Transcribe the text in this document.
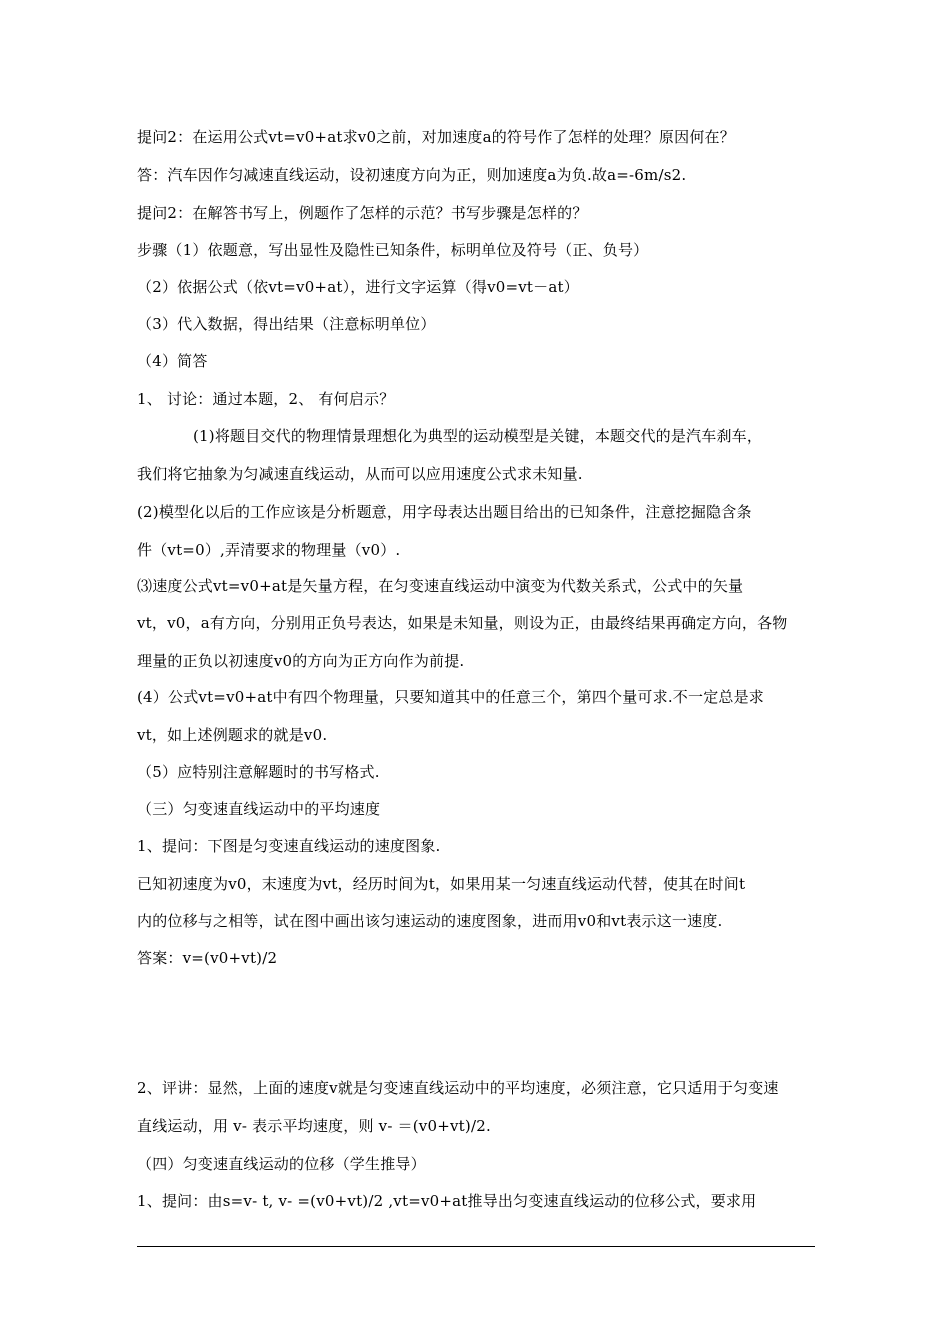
提问2：在运用公式vt=v0+at求v0之前，对加速度a的符号作了怎样的处理？原因何在？
答：汽车因作匀减速直线运动，设初速度方向为正，则加速度a为负.故a=-6m/s2.
提问2：在解答书写上，例题作了怎样的示范？书写步骤是怎样的？
步骤（1）依题意，写出显性及隐性已知条件，标明单位及符号（正、负号）
（2）依据公式（依vt=v0+at），进行文字运算（得v0=vt－at）
（3）代入数据，得出结果（注意标明单位）
（4）简答
1、 讨论：通过本题，2、 有何启示？
(1)将题目交代的物理情景理想化为典型的运动模型是关键，本题交代的是汽车刹车，
我们将它抽象为匀减速直线运动，从而可以应用速度公式求未知量.
(2)模型化以后的工作应该是分析题意，用字母表达出题目给出的已知条件，注意挖掘隐含条
件（vt=0）,弄清要求的物理量（v0）.
⑶速度公式vt=v0+at是矢量方程，在匀变速直线运动中演变为代数关系式，公式中的矢量
vt，v0，a有方向，分别用正负号表达，如果是未知量，则设为正，由最终结果再确定方向，各物
理量的正负以初速度v0的方向为正方向作为前提.
(4）公式vt=v0+at中有四个物理量，只要知道其中的任意三个，第四个量可求.不一定总是求
vt，如上述例题求的就是v0.
（5）应特别注意解题时的书写格式.
（三）匀变速直线运动中的平均速度
1、提问：下图是匀变速直线运动的速度图象.
已知初速度为v0，末速度为vt，经历时间为t，如果用某一匀速直线运动代替，使其在时间t
内的位移与之相等，试在图中画出该匀速运动的速度图象，进而用v0和vt表示这一速度.
答案：v=(v0+vt)/2
2、评讲：显然，上面的速度v就是匀变速直线运动中的平均速度，必须注意，它只适用于匀变速
直线运动，用 v- 表示平均速度，则 v- ＝(v0+vt)/2.
（四）匀变速直线运动的位移（学生推导）
1、提问：由s=v- t, v- =(v0+vt)/2 ,vt=v0+at推导出匀变速直线运动的位移公式，要求用
